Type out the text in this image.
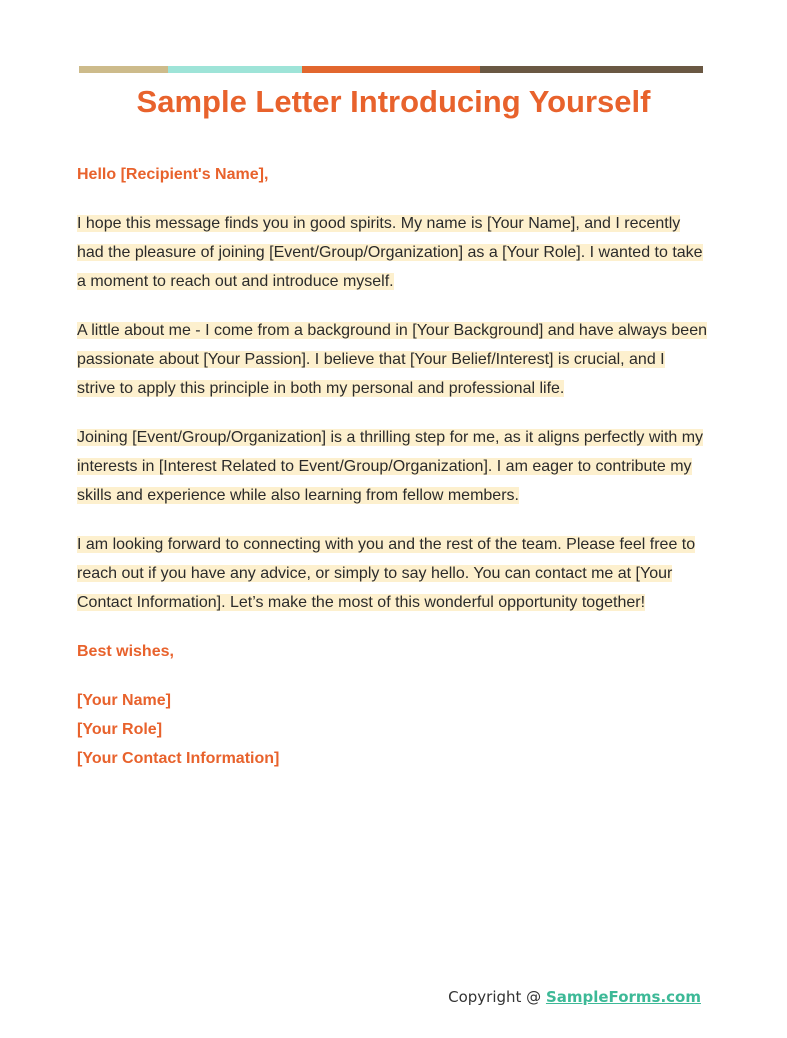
Sample Letter Introducing Yourself

Hello [Recipient's Name],

I hope this message finds you in good spirits. My name is [Your Name], and I recently had the pleasure of joining [Event/Group/Organization] as a [Your Role]. I wanted to take a moment to reach out and introduce myself.

A little about me - I come from a background in [Your Background] and have always been passionate about [Your Passion]. I believe that [Your Belief/Interest] is crucial, and I strive to apply this principle in both my personal and professional life.

Joining [Event/Group/Organization] is a thrilling step for me, as it aligns perfectly with my interests in [Interest Related to Event/Group/Organization]. I am eager to contribute my skills and experience while also learning from fellow members.

I am looking forward to connecting with you and the rest of the team. Please feel free to reach out if you have any advice, or simply to say hello. You can contact me at [Your Contact Information]. Let’s make the most of this wonderful opportunity together!

Best wishes,

[Your Name]

[Your Role]

[Your Contact Information]

Copyright @ SampleForms.com
